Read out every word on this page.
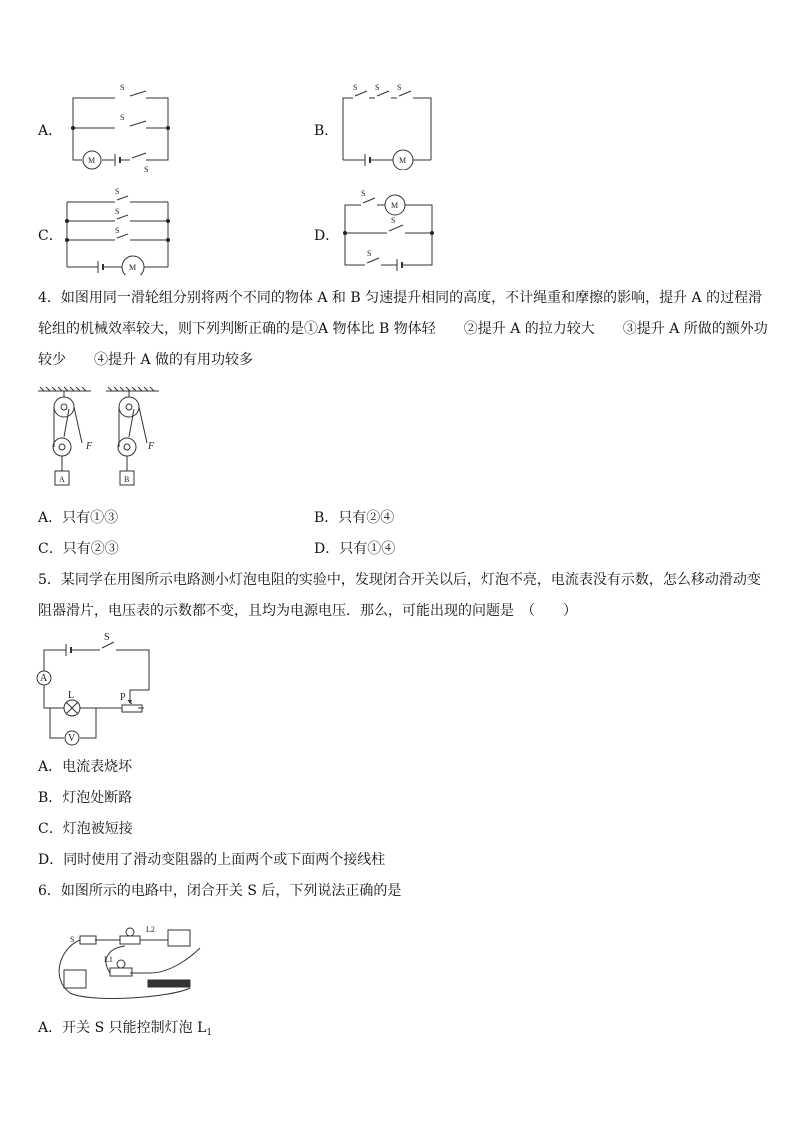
A．	B．
C．	D．
M
S
S
S
M
S S S
M
S
S
S
M
S
S
S
4．如图用同一滑轮组分别将两个不同的物体 A 和 B 匀速提升相同的高度，不计绳重和摩擦的影响，提升 A 的过程滑
轮组的机械效率较大，则下列判断正确的是①A 物体比 B 物体轻　　②提升 A 的拉力较大　　③提升 A 所做的额外功
较少　　④提升 A 做的有用功较多
F	F
A	B
A．只有①③	B．只有②④
C．只有②③	D．只有①④
5．某同学在用图所示电路测小灯泡电阻的实验中，发现闭合开关以后，灯泡不亮，电流表没有示数，怎么移动滑动变
阻器滑片，电压表的示数都不变，且均为电源电压．那么，可能出现的问题是　（　　）
A
V
S
L	P
A．电流表烧坏
B．灯泡处断路
C．灯泡被短接
D．同时使用了滑动变阻器的上面两个或下面两个接线柱
6．如图所示的电路中，闭合开关 S 后，下列说法正确的是
S
L2
L1
A．开关 S 只能控制灯泡 $L_1$
